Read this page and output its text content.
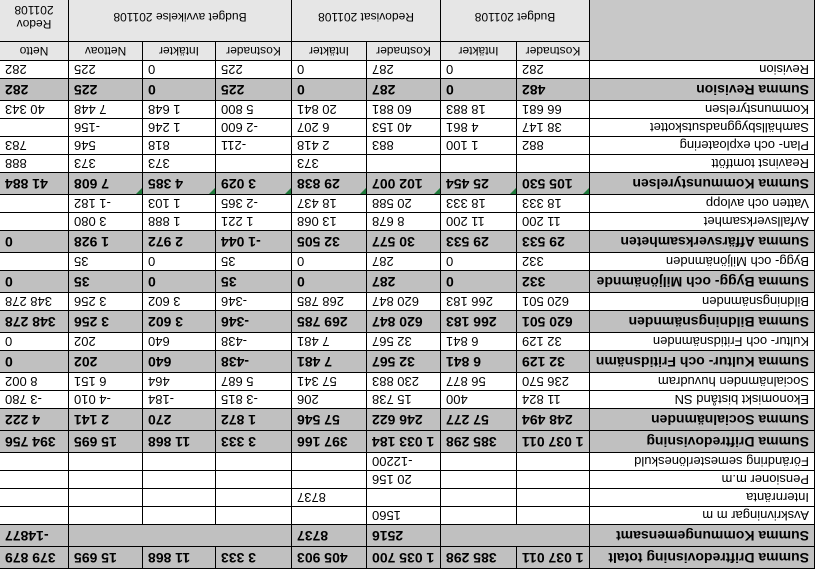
Summa Driftredovisning totalt	1 037 011	385 298	1 035 700	405 903	3 333	11 868	15 695	379 879
Summa Kommungemensamt			2516	8737				-14877
Avskrivningar m m			1560					
Internränta				8737				
Pensioner m.m			20 156					
Förändring semesterlöneskuld			-12200					
Summa Driftredovisning	1 037 011	385 298	1 033 184	397 166	3 333	11 868	15 695	394 756
Summa Socialnämnden	248 494	57 277	246 622	57 546	1 872	270	2 141	4 222
Ekonomiskt bistånd SN	11 824	400	15 738	206	-3 815	-184	-4 010	-3 780
Socialnämnden huvudram	236 570	56 877	230 883	57 341	5 687	464	6 151	8 002
Summa Kultur- och Fritidsnämn	32 129	6 841	32 567	7 481	-438	640	202	0
Kultur- och Fritidsnämnden	32 129	6 841	32 567	7 481	-438	640	202	0
Summa Bildningsnämnden	620 501	266 183	620 847	269 785	-346	3 602	3 256	348 278
Bildningsnämnden	620 501	266 183	620 847	268 785	-346	3 602	3 256	348 278
Summa Bygg- och Miljönämnde	332	0	287	0	35	0	35	0
Bygg- och Miljönämnden	332	0	287	0	35	0	35	
Summa Affärsverksamheten	29 533	29 533	30 577	32 505	-1 044	2 972	1 928	0
Avfallsverksamhet	11 200	11 200	8 678	13 068	1 221	1 888	3 080	
Vatten och avlopp	18 333	18 333	20 588	18 437	-2 365	1 103	-1 182	
Summa Kommunstyrelsen	105 530	25 454	102 007	29 838	3 029	4 385	7 608	41 884
Reavinst tomtfött				373		373	373	888
Plan- och exploatering	882	1 100	883	2 418	-211	818	546	783
Samhällsbyggnadsutskottet	38 147	4 861	40 153	6 207	-2 600	1 246	-156	
Kommunstyrelsen	66 681	18 883	60 881	20 841	5 800	1 648	7 448	40 343
Summa Revision	482	0	287	0	225	0	225	282
Revision	282	0	287	0	225	0	225	282
	Kostnader	Intäkter	Kostnader	Intäkter	Kostnader	Intäkter	Nettoav	Netto
	Budget 201108		Redovisat 201108		Budget avvikelse 201108			Redov 201108
